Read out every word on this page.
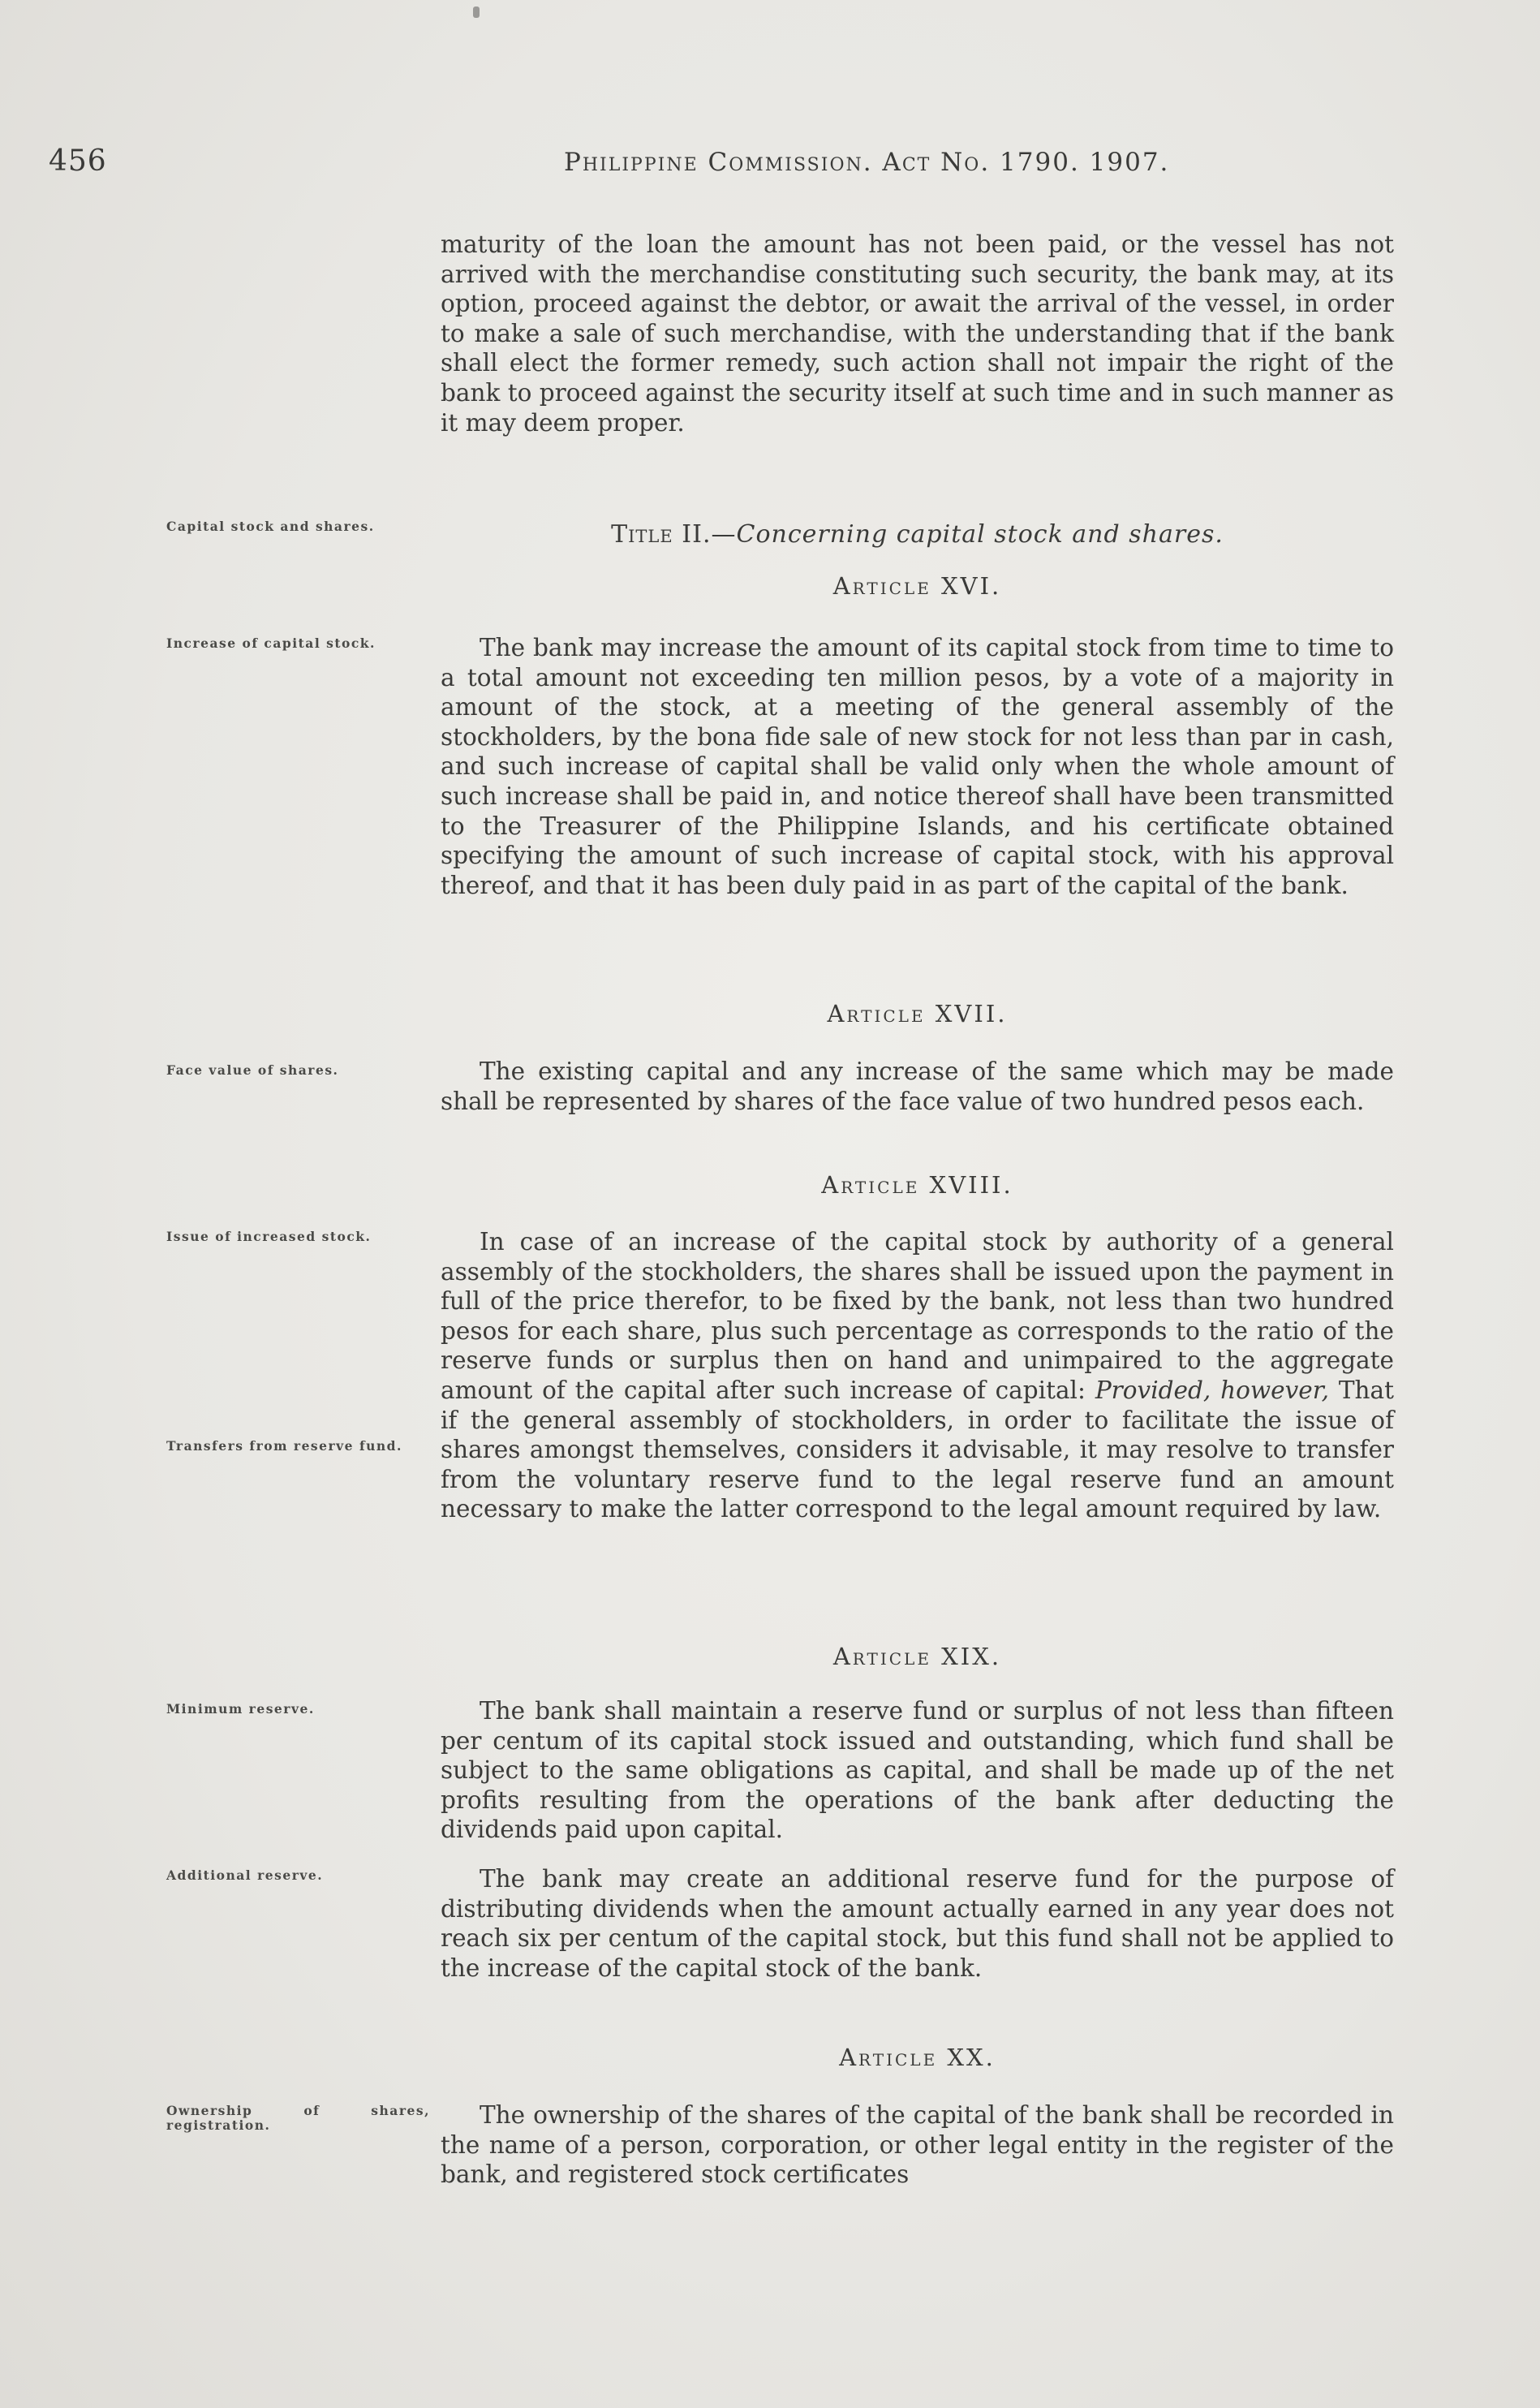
456	Philippine Commission. Act No. 1790. 1907.

maturity of the loan the amount has not been paid, or the vessel has not arrived with the merchandise constituting such security, the bank may, at its option, proceed against the debtor, or await the arrival of the vessel, in order to make a sale of such merchandise, with the understanding that if the bank shall elect the former remedy, such action shall not impair the right of the bank to proceed against the security itself at such time and in such manner as it may deem proper.

Capital stock and shares.	Title II.—Concerning capital stock and shares.
Article XVI.
Increase of capital stock.	The bank may increase the amount of its capital stock from time to time to a total amount not exceeding ten million pesos, by a vote of a majority in amount of the stock, at a meeting of the general assembly of the stockholders, by the bona fide sale of new stock for not less than par in cash, and such increase of capital shall be valid only when the whole amount of such increase shall be paid in, and notice thereof shall have been transmitted to the Treasurer of the Philippine Islands, and his certificate obtained specifying the amount of such increase of capital stock, with his approval thereof, and that it has been duly paid in as part of the capital of the bank.

Article XVII.
Face value of shares.	The existing capital and any increase of the same which may be made shall be represented by shares of the face value of two hundred pesos each.

Article XVIII.
Issue of increased stock.
Transfers from reserve fund.

In case of an increase of the capital stock by authority of a general assembly of the stockholders, the shares shall be issued upon the payment in full of the price therefor, to be fixed by the bank, not less than two hundred pesos for each share, plus such percentage as corresponds to the ratio of the reserve funds or surplus then on hand and unimpaired to the aggregate amount of the capital after such increase of capital: Provided, however, That if the general assembly of stockholders, in order to facilitate the issue of shares amongst themselves, considers it advisable, it may resolve to transfer from the voluntary reserve fund to the legal reserve fund an amount necessary to make the latter correspond to the legal amount required by law.

Article XIX.
Minimum reserve.	The bank shall maintain a reserve fund or surplus of not less than fifteen per centum of its capital stock issued and outstanding, which fund shall be subject to the same obligations as capital, and shall be made up of the net profits resulting from the operations of the bank after deducting the dividends paid upon capital.

Additional reserve.	The bank may create an additional reserve fund for the purpose of distributing dividends when the amount actually earned in any year does not reach six per centum of the capital stock, but this fund shall not be applied to the increase of the capital stock of the bank.

Article XX.
Ownership of shares, registration.	The ownership of the shares of the capital of the bank shall be recorded in the name of a person, corporation, or other legal entity in the register of the bank, and registered stock certificates
